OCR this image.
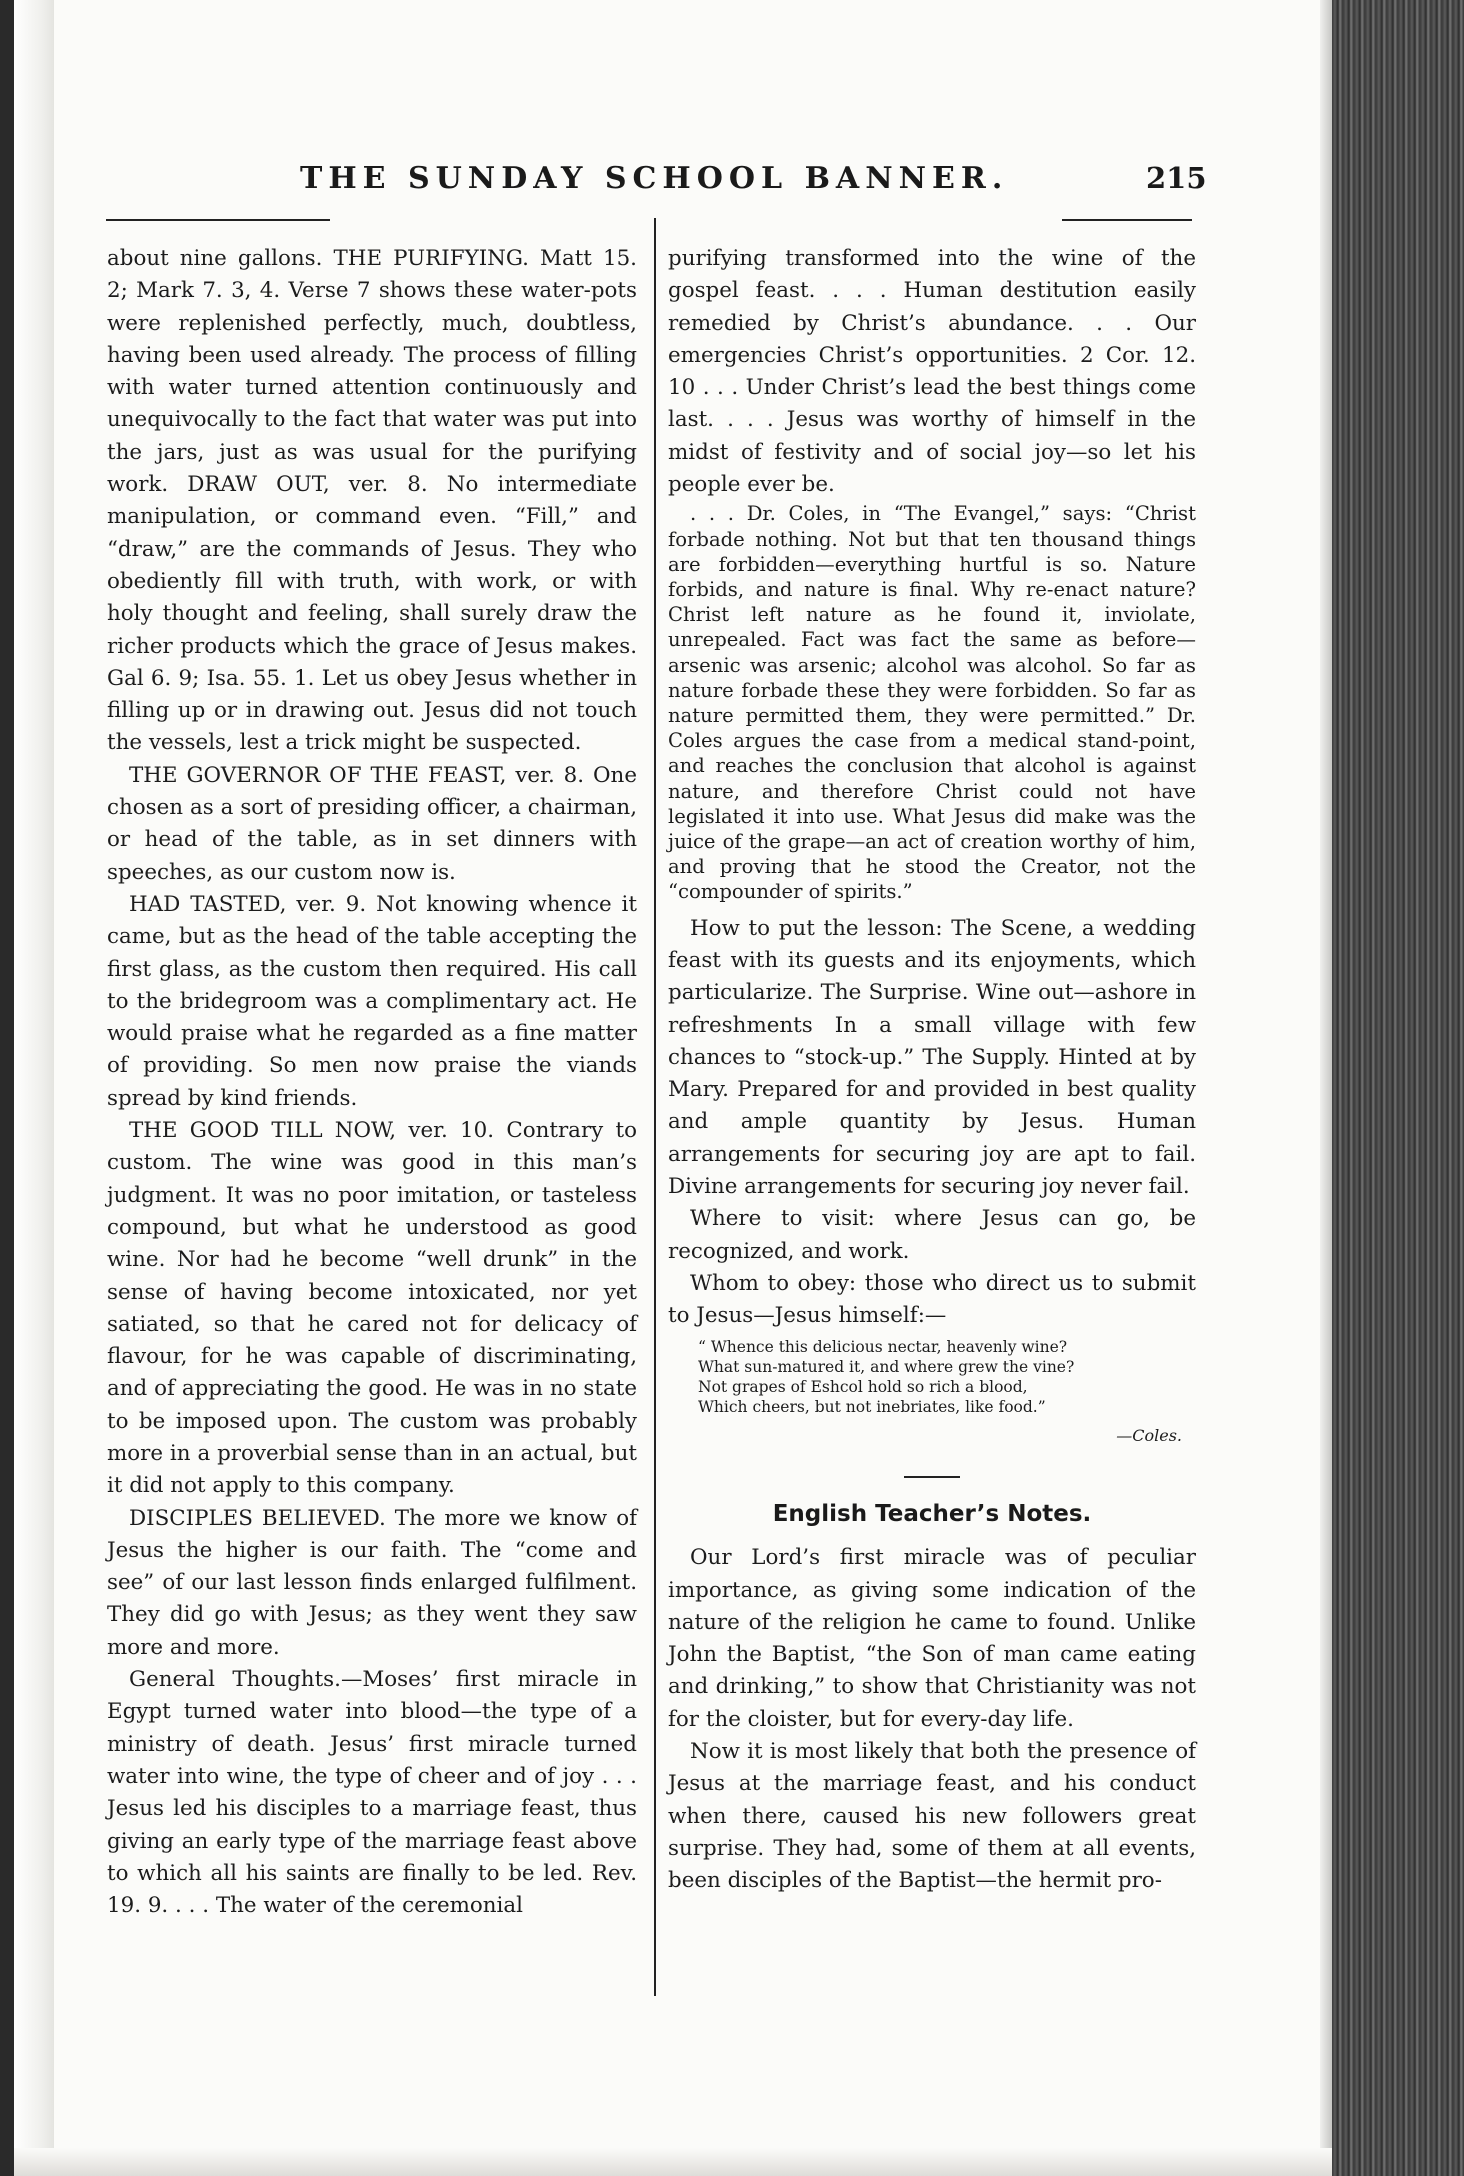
THE SUNDAY SCHOOL BANNER.	215

about nine gallons. THE PURIFYING. Matt 15. 2; Mark 7. 3, 4. Verse 7 shows these water-pots were replenished perfectly, much, doubtless, having been used already. The process of filling with water turned attention continuously and unequivocally to the fact that water was put into the jars, just as was usual for the purifying work. DRAW OUT, ver. 8. No intermediate manipulation, or command even. “Fill,” and “draw,” are the commands of Jesus. They who obediently fill with truth, with work, or with holy thought and feeling, shall surely draw the richer products which the grace of Jesus makes. Gal 6. 9; Isa. 55. 1. Let us obey Jesus whether in filling up or in drawing out. Jesus did not touch the vessels, lest a trick might be suspected.

THE GOVERNOR OF THE FEAST, ver. 8. One chosen as a sort of presiding officer, a chairman, or head of the table, as in set dinners with speeches, as our custom now is.

HAD TASTED, ver. 9. Not knowing whence it came, but as the head of the table accepting the first glass, as the custom then required. His call to the bridegroom was a complimentary act. He would praise what he regarded as a fine matter of providing. So men now praise the viands spread by kind friends.

THE GOOD TILL NOW, ver. 10. Contrary to custom. The wine was good in this man’s judgment. It was no poor imitation, or tasteless compound, but what he understood as good wine. Nor had he become “well drunk” in the sense of having become intoxicated, nor yet satiated, so that he cared not for delicacy of flavour, for he was capable of discriminating, and of appreciating the good. He was in no state to be imposed upon. The custom was probably more in a proverbial sense than in an actual, but it did not apply to this company.

DISCIPLES BELIEVED. The more we know of Jesus the higher is our faith. The “come and see” of our last lesson finds enlarged fulfilment. They did go with Jesus; as they went they saw more and more.

General Thoughts.—Moses’ first miracle in Egypt turned water into blood—the type of a ministry of death. Jesus’ first miracle turned water into wine, the type of cheer and of joy . . . Jesus led his disciples to a marriage feast, thus giving an early type of the marriage feast above to which all his saints are finally to be led. Rev. 19. 9. . . . The water of the ceremonial

purifying transformed into the wine of the gospel feast. . . . Human destitution easily remedied by Christ’s abundance. . . Our emergencies Christ’s opportunities. 2 Cor. 12. 10 . . . Under Christ’s lead the best things come last. . . . Jesus was worthy of himself in the midst of festivity and of social joy—so let his people ever be.

. . . Dr. Coles, in “The Evangel,” says: “Christ forbade nothing. Not but that ten thousand things are forbidden—everything hurtful is so. Nature forbids, and nature is final. Why re-enact nature? Christ left nature as he found it, inviolate, unrepealed. Fact was fact the same as before—arsenic was arsenic; alcohol was alcohol. So far as nature forbade these they were forbidden. So far as nature permitted them, they were permitted.” Dr. Coles argues the case from a medical stand-point, and reaches the conclusion that alcohol is against nature, and therefore Christ could not have legislated it into use. What Jesus did make was the juice of the grape—an act of creation worthy of him, and proving that he stood the Creator, not the “compounder of spirits.”

How to put the lesson: The Scene, a wedding feast with its guests and its enjoyments, which particularize. The Surprise. Wine out—ashore in refreshments In a small village with few chances to “stock-up.” The Supply. Hinted at by Mary. Prepared for and provided in best quality and ample quantity by Jesus. Human arrangements for securing joy are apt to fail. Divine arrangements for securing joy never fail.

Where to visit: where Jesus can go, be recognized, and work.

Whom to obey: those who direct us to submit to Jesus—Jesus himself:—

“ Whence this delicious nectar, heavenly wine?
What sun-matured it, and where grew the vine?
Not grapes of Eshcol hold so rich a blood,
Which cheers, but not inebriates, like food.”
—Coles.
English Teacher’s Notes.

Our Lord’s first miracle was of peculiar importance, as giving some indication of the nature of the religion he came to found. Unlike John the Baptist, “the Son of man came eating and drinking,” to show that Christianity was not for the cloister, but for every-day life.

Now it is most likely that both the presence of Jesus at the marriage feast, and his conduct when there, caused his new followers great surprise. They had, some of them at all events, been disciples of the Baptist—the hermit pro-
